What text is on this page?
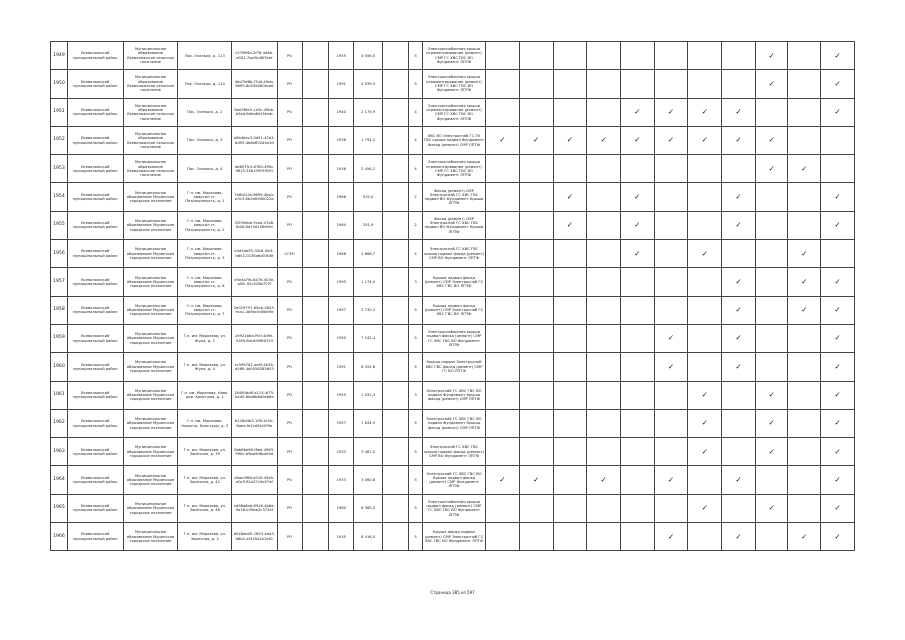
1949	Всеволожский муниципальный район	Муниципальное образование Всеволожское сельское поселение	Пос. Осельки, д. 113	c27f8f4a-2f76-4d8b-a052-7aa3b48f5cef	РО		1955	4 056,0		5	Электроснабжения крыши отремонтирование (ремонт) СМР ГС ХВС ГВС ВО Фундамент ЛПТФ									✓		✓
1950	Всеволожский муниципальный район	Муниципальное образование Всеволожское сельское поселение	Пос. Осельки, д. 114	4bd7bf8b-f7dd-49eb-9895-8d29a560ece6	РО		1991	4 039,5		5	Электроснабжения крыши отремонтирование (ремонт) СМР ГС ХВС ГВС ВО Фундамент ЛПТФ									✓		✓
1951	Всеволожский муниципальный район	Муниципальное образование Всеволожское сельское поселение	Пос. Осельки, д. 2	8a05f6e5-1a3c-49bb-b5ad-8d0a6e2f4ddc	РО		1940	2 175,9		4	Электроснабжения крыши отремонтирование (ремонт) СМР ГС ХВС ГВС ВО Фундамент ЛПТФ					✓	✓	✓	✓			✓
1952	Всеволожский муниципальный район	Муниципальное образование Всеволожское сельское поселение	Пос. Осельки, д. 3	e8b4bec3-0d51-47a1-bd93-4b6e832d4e1d	РО		1936	1 794,2		4	ХВС ВО Электроснаб ГС ПУ ГВС крыша подвал Фундамент Фасад (ремонт) СМР ЛПТФ	✓	✓	✓	✓	✓	✓	✓	✓	✓		
1953	Всеволожский муниципальный район	Муниципальное образование Всеволожское сельское поселение	Пос. Осельки, д. 4	de807fc3-6780-4f9b-9815-35b19991f891	РО		1936	2 456,2		4	Электроснабжения крыши отремонтирование (ремонт) СМР ГС ХВС ГВС ВО Фундамент ЛПТФ									✓	✓	
1954	Всеволожский муниципальный район	Муниципальное образование Муринское городское поселение	Г.п. им. Морозова, квартал ст. Петрокрепость, д. 1	7b8fd12b-6695-4be1-b3c3-6b2d09d0022a	РО		1968	532,0		2	Фасад (ремонт) СМР Электроснаб ГС ХВС ГВС подвал ВО Фундамент Крыша ЛПТФ			✓		✓			✓			✓
1955	Всеволожский муниципальный район	Муниципальное образование Муринское городское поселение	Г.п. им. Морозова, квартал ст. Петрокрепость, д. 2	3f299ebb-9cad-47a8-8d4f-6d19d158fe5d	РО		1964	351,9		2	Фасад (ремонт) СМР Электроснаб ГС ХВС ГВС подвал ВО Фундамент Крыша ЛПТФ			✓		✓			✓			✓
1956	Всеволожский муниципальный район	Муниципальное образование Муринское городское поселение	Г.п. им. Морозова, квартал ст. Петрокрепость, д. 3	a4d5ab93-30c8-4fa1-b601-0238a6d03b6f	ССРО		1968	2 668,7		4	Электроснаб ГС ХВС ГВС крыша подвал фасад (ремонт) СМР ВО Фундамент ЛПТФ					✓		✓			✓	
1957	Всеволожский муниципальный район	Муниципальное образование Муринское городское поселение	Г.п. им. Морозова, квартал ст. Петрокрепость, д. 6	e5e4a7fb-847d-403e-a5fc-92c528b707f	РО		1995	1 174,0		3	Крыша подвал фасад (ремонт) СМР Электроснаб ГС ХВС ГВС ВО ЛПТФ								✓		✓	✓
1958	Всеволожский муниципальный район	Муниципальное образование Муринское городское поселение	Г.п. им. Морозова, квартал ст. Петрокрепость, д. 7	2e029797-65eb-4843-9ca1-4b9bc0d0b69d	РО		1997	2 730,3		5	Крыша подвал фасад (ремонт) СМР Электроснаб ГС ХВС ГВС ВО ЛПТФ								✓		✓	✓
1959	Всеволожский муниципальный район	Муниципальное образование Муринское городское поселение	Г.п. им. Морозова, ул. Жука, д. 2	2e921bbd-f9cf-4d9e-9169-84cd958f0319	РО		1950	7 242,4		5	Электроснабжения крыши подвал фасад (ремонт) СМР ГС ХВС ГВС ВО Фундамент ЛПТФ						✓		✓			✓
1960	Всеволожский муниципальный район	Муниципальное образование Муринское городское поселение	Г.п. им. Морозова, ул. Жука, д. 4	cc596781-ea0f-4e28-a589-4d0058285603	РО		1991	8 524,8		5	Крыша подвал Электроснаб ХВС ГВС фасад (ремонт) СМР ГС ВО ЛПТФ						✓		✓			✓
1961	Всеволожский муниципальный район	Муниципальное образование Муринское городское поселение	Г.п. им. Морозова, Ново-деи. Кристуры, д. 1	18460dd8-a115-4f75-b4d5-8bb8b6a0ab6e	РО		1955	1 032,3		3	Электроснаб ГС ХВС ГВС ВО подвал Фундамент Крыша фасад (ремонт) СМР ЛПТФ							✓		✓		✓
1962	Всеволожский муниципальный район	Муниципальное образование Муринское городское поселение	Г.п. им. Морозова, Новостр. Кристуры, д. 3	b226d4b3-1f5f-4c2b-8aee-fe2cd5b1f09a	РО		1957	7 634,9		5	Электроснаб ГС ХВС ГВС ВО подвал Фундамент Крыша фасад (ремонт) СМР ЛПТФ							✓		✓		✓
1963	Всеволожский муниципальный район	Муниципальное образование Муринское городское поселение	Г.п. им. Морозова, ул. Заречная, д. 39	8ab8be96-f6ea-4963-990c-b9ba9d8cde5d	РП		1932	3 467,0		5	Электроснаб ГС ХВС ГВС крыша подвал фасад (ремонт) СМР ВО Фундамент ЛПТФ							✓		✓		✓
1964	Всеволожский муниципальный район	Муниципальное образование Муринское городское поселение	Г.п. им. Морозова, ул. Заречная, д. 42	d0ae3f88-e918-49e5-a0c5-81a57c0e57af	РО		1933	3 060,6		5	Электроснаб ГС ХВС ГВС ВО Крыша подвал фасад (ремонт) СМР Фундамент ЛПТФ	✓	✓		✓		✓		✓			✓
1965	Всеволожский муниципальный район	Муниципальное образование Муринское городское поселение	Г.п. им. Морозова, ул. Заречная, д. 46	cd98a6ab-6918-4b6e-9a18-e39be2c372ef	РО		1980	6 365,0		5	Электроснабжения крыши подвал фасад (ремонт) СМР ГС ХВС ГВС ВО Фундамент ЛПТФ							✓		✓		✓
1966	Всеволожский муниципальный район	Муниципальное образование Муринское городское поселение	Г.п. им. Морозова, ул. Заречная, д. 2	d048ab09-1653-4ad3-b6b2-a5f18a1b1e61	РО		1935	6 416,0		5	Крыша фасад подвал (ремонт) СМР Электроснаб ГС ХВС ГВС ВО Фундамент ЛПТФ						✓		✓		✓	✓
Страница 385 из 597
